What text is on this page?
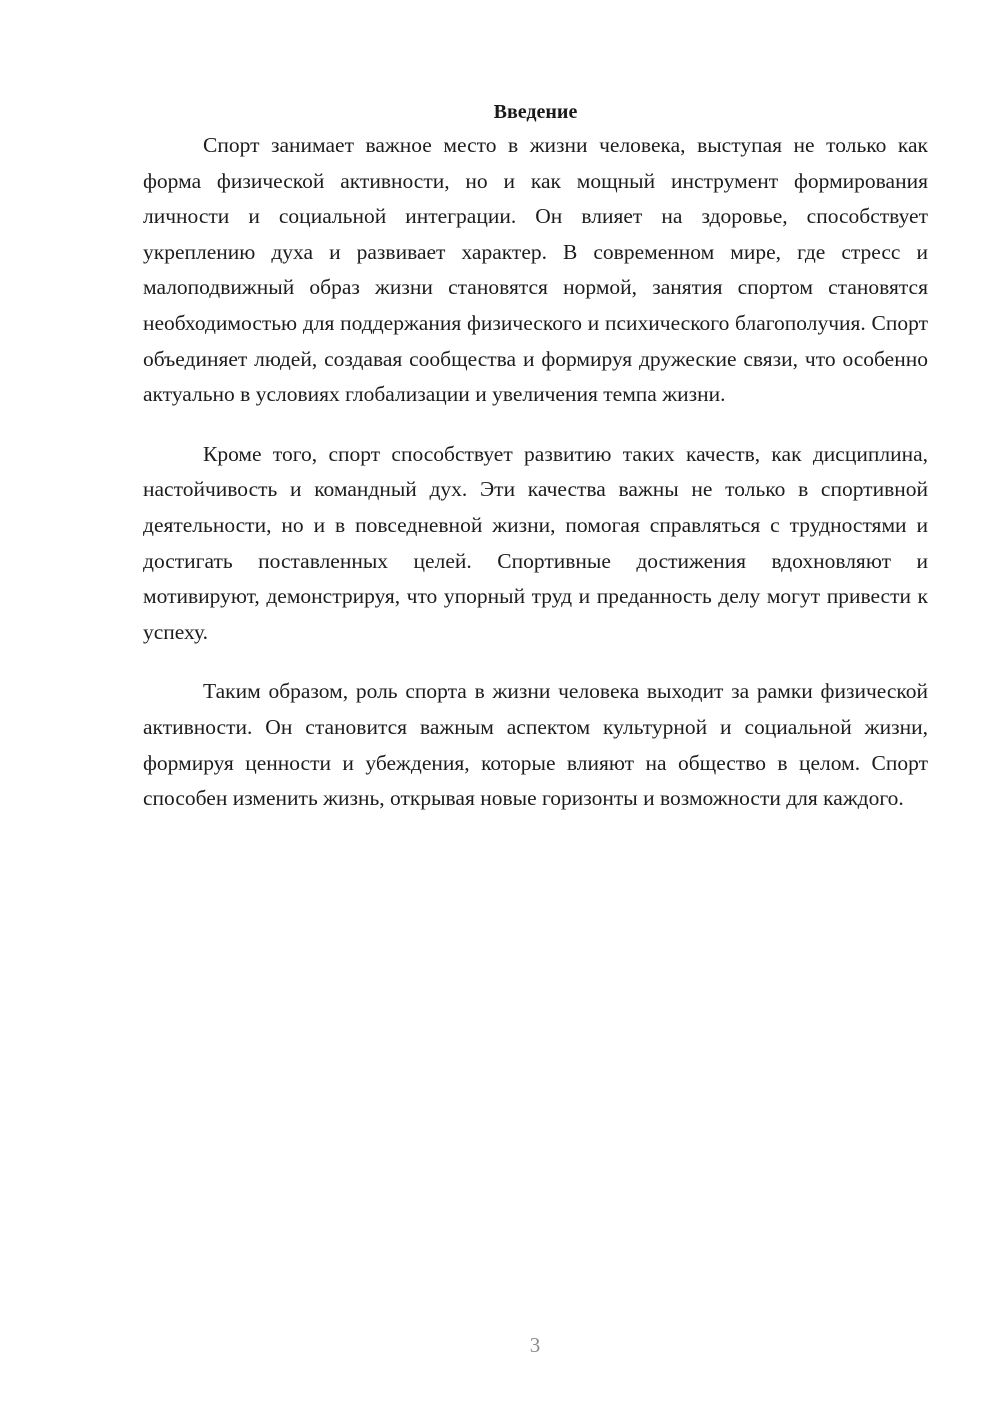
Введение

Спорт занимает важное место в жизни человека, выступая не только как форма физической активности, но и как мощный инструмент формирования личности и социальной интеграции. Он влияет на здоровье, способствует укреплению духа и развивает характер. В современном мире, где стресс и малоподвижный образ жизни становятся нормой, занятия спортом становятся необходимостью для поддержания физического и психического благополучия. Спорт объединяет людей, создавая сообщества и формируя дружеские связи, что особенно актуально в условиях глобализации и увеличения темпа жизни.

Кроме того, спорт способствует развитию таких качеств, как дисциплина, настойчивость и командный дух. Эти качества важны не только в спортивной деятельности, но и в повседневной жизни, помогая справляться с трудностями и достигать поставленных целей. Спортивные достижения вдохновляют и мотивируют, демонстрируя, что упорный труд и преданность делу могут привести к успеху.

Таким образом, роль спорта в жизни человека выходит за рамки физической активности. Он становится важным аспектом культурной и социальной жизни, формируя ценности и убеждения, которые влияют на общество в целом. Спорт способен изменить жизнь, открывая новые горизонты и возможности для каждого.

3
